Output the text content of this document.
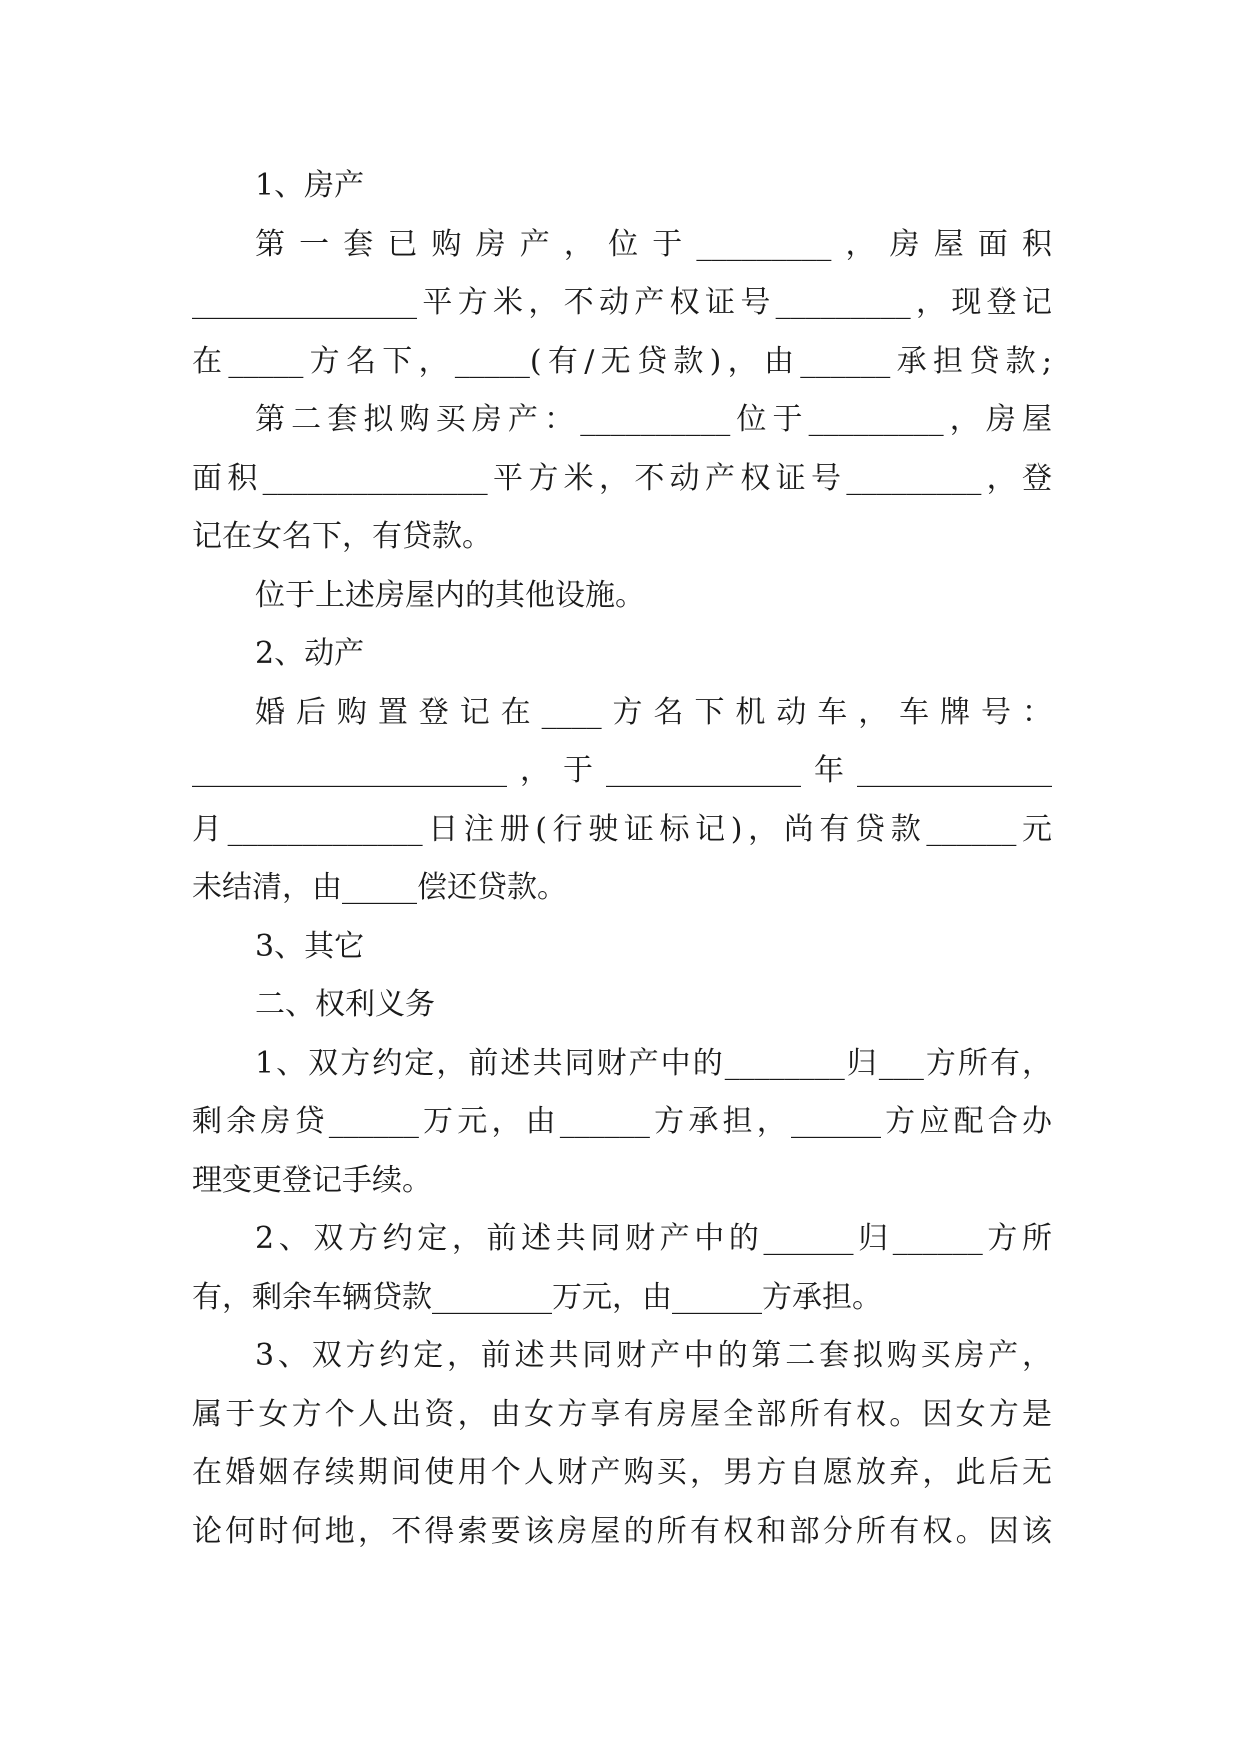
1、房产
第一套已购房产，位于_________，房屋面积
_______________平方米，不动产权证号_________，现登记
在_____方名下，_____(有/无贷款)，由______承担贷款;
第二套拟购买房产：__________位于_________，房屋
面积_______________平方米，不动产权证号_________，登
记在女名下，有贷款。
位于上述房屋内的其他设施。
2、动产
婚后购置登记在____方名下机动车，车牌号：
_____________________，于_____________年_____________
月_____________日注册(行驶证标记)，尚有贷款______元
未结清，由_____偿还贷款。
3、其它
二、权利义务
1、双方约定，前述共同财产中的________归___方所有，
剩余房贷______万元，由______方承担，______方应配合办
理变更登记手续。
2、双方约定，前述共同财产中的______归______方所
有，剩余车辆贷款________万元，由______方承担。
3、双方约定，前述共同财产中的第二套拟购买房产，
属于女方个人出资，由女方享有房屋全部所有权。因女方是
在婚姻存续期间使用个人财产购买，男方自愿放弃，此后无
论何时何地，不得索要该房屋的所有权和部分所有权。因该
